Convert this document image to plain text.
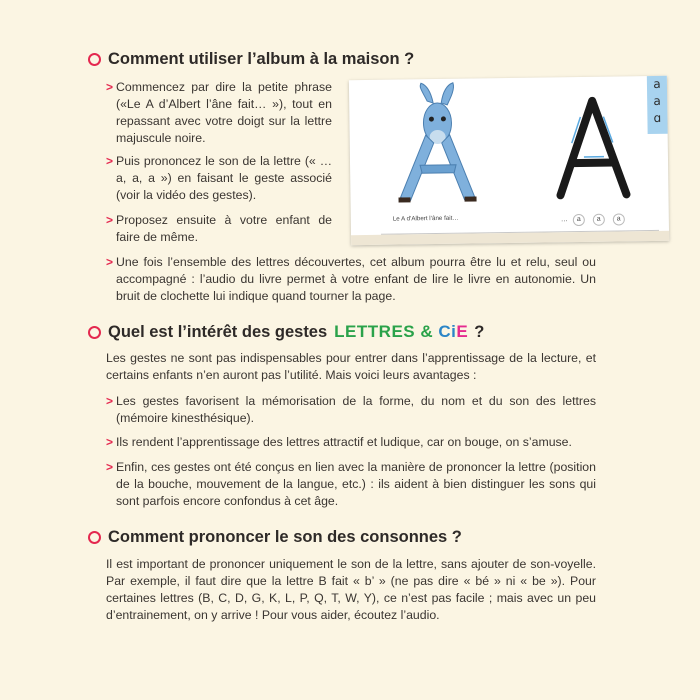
Comment utiliser l’album à la maison ?
> Commencez par dire la petite phrase («Le A d’Albert l’âne fait… »), tout en repassant avec votre doigt sur la lettre majuscule noire.
> Puis prononcez le son de la lettre (« … a, a, a ») en faisant le geste associé (voir la vidéo des gestes).
> Proposez ensuite à votre enfant de faire de même.
> Une fois l’ensemble des lettres découvertes, cet album pourra être lu et relu, seul ou accompagné : l’audio du livre permet à votre enfant de lire le livre en autonomie. Un bruit de clochette lui indique quand tourner la page.
a
a
ɑ
Le A d’Albert l’âne fait…	… a a a
Quel est l’intérêt des gestes LETTRES & CiE ?
Les gestes ne sont pas indispensables pour entrer dans l’apprentissage de la lecture, et certains enfants n’en auront pas l’utilité. Mais voici leurs avantages :
> Les gestes favorisent la mémorisation de la forme, du nom et du son des lettres (mémoire kinesthésique).
> Ils rendent l’apprentissage des lettres attractif et ludique, car on bouge, on s’amuse.
> Enfin, ces gestes ont été conçus en lien avec la manière de prononcer la lettre (position de la bouche, mouvement de la langue, etc.) : ils aident à bien distinguer les sons qui sont parfois encore confondus à cet âge.
Comment prononcer le son des consonnes ?
Il est important de prononcer uniquement le son de la lettre, sans ajouter de son-voyelle. Par exemple, il faut dire que la lettre B fait « b’ » (ne pas dire « bé » ni « be »). Pour certaines lettres (B, C, D, G, K, L, P, Q, T, W, Y), ce n’est pas facile ; mais avec un peu d’entrainement, on y arrive ! Pour vous aider, écoutez l’audio.
